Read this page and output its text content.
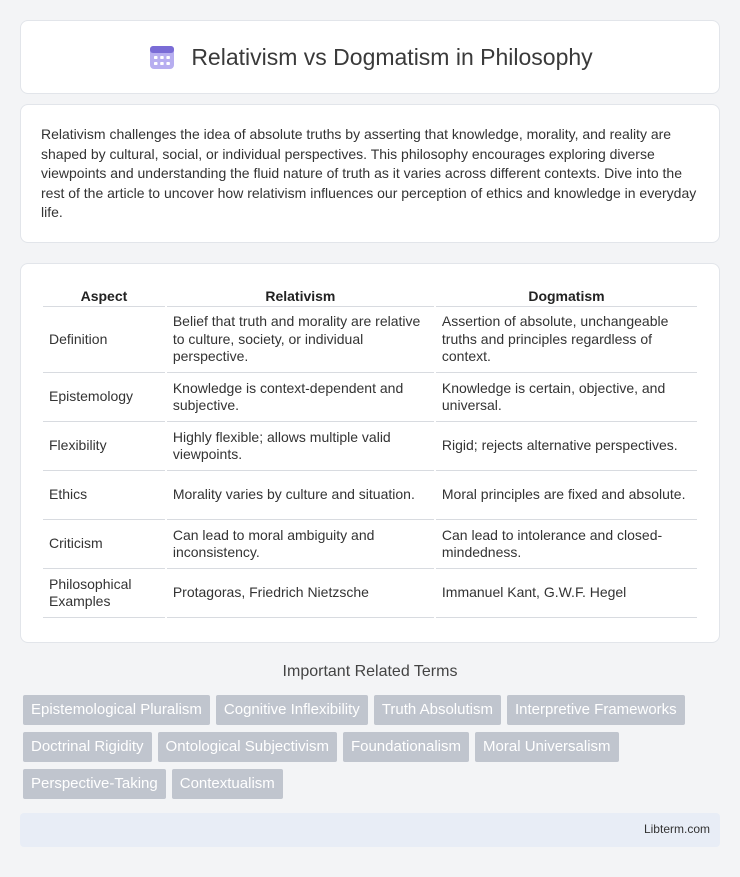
Relativism vs Dogmatism in Philosophy

Relativism challenges the idea of absolute truths by asserting that knowledge, morality, and reality are shaped by cultural, social, or individual perspectives. This philosophy encourages exploring diverse viewpoints and understanding the fluid nature of truth as it varies across different contexts. Dive into the rest of the article to uncover how relativism influences our perception of ethics and knowledge in everyday life.

Aspect	Relativism	Dogmatism
Definition	Belief that truth and morality are relative to culture, society, or individual perspective.	Assertion of absolute, unchangeable truths and principles regardless of context.
Epistemology	Knowledge is context-dependent and subjective.	Knowledge is certain, objective, and universal.
Flexibility	Highly flexible; allows multiple valid viewpoints.	Rigid; rejects alternative perspectives.
Ethics	Morality varies by culture and situation.	Moral principles are fixed and absolute.
Criticism	Can lead to moral ambiguity and inconsistency.	Can lead to intolerance and closed-mindedness.
Philosophical Examples	Protagoras, Friedrich Nietzsche	Immanuel Kant, G.W.F. Hegel
Important Related Terms
Epistemological Pluralism	Cognitive Inflexibility	Truth Absolutism	Interpretive Frameworks
Doctrinal Rigidity	Ontological Subjectivism	Foundationalism	Moral Universalism
Perspective-Taking	Contextualism
Libterm.com
